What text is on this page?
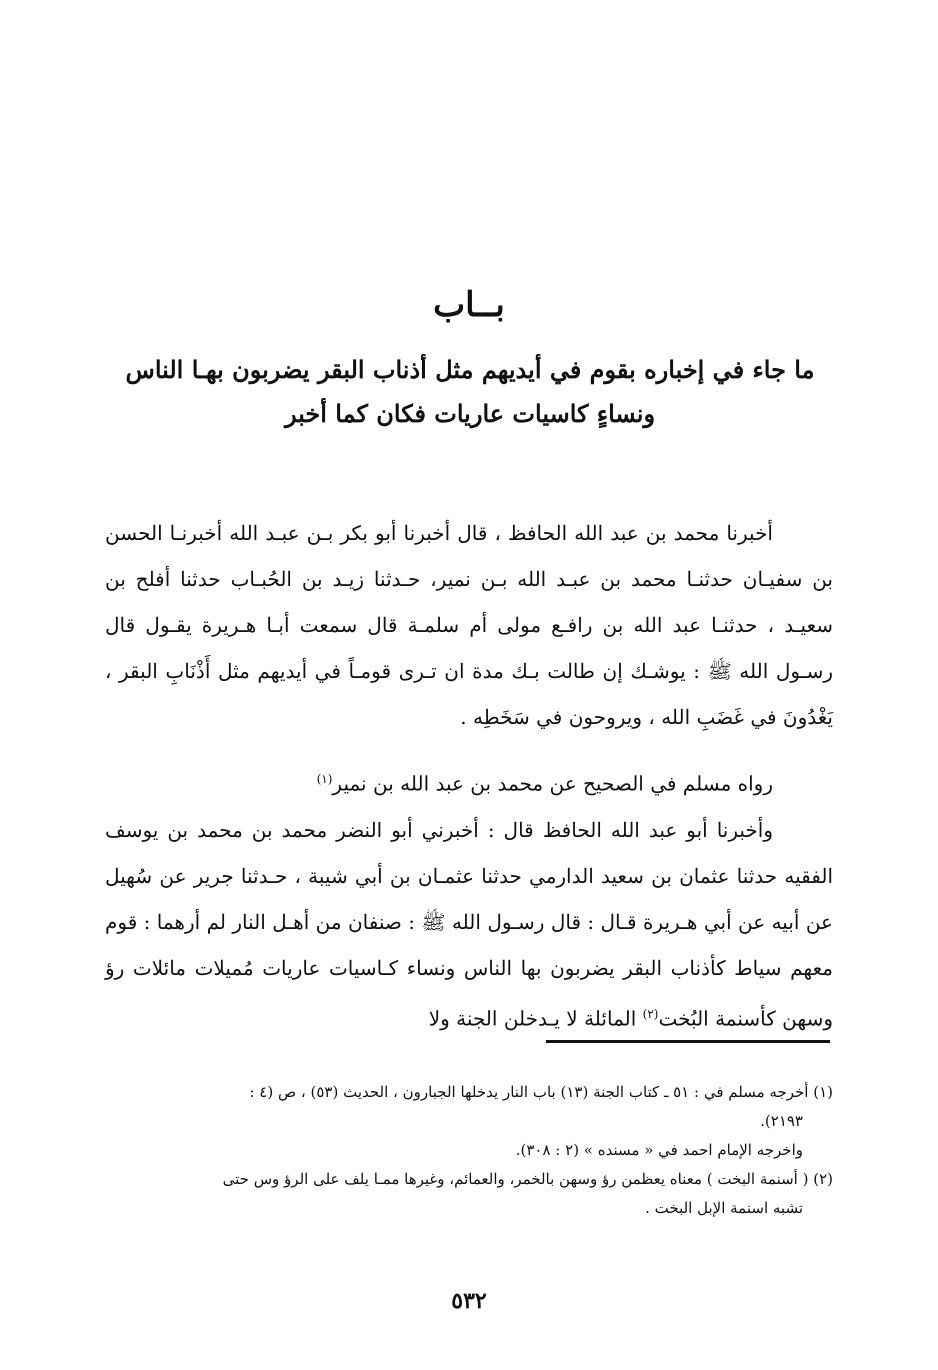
بــاب
ما جاء في إخباره بقوم في أيديهم مثل أذناب البقر يضربون بهـا الناس
ونساءٍ كاسيات عاريات فكان كما أخبر

أخبرنا محمد بن عبد الله الحافظ ، قال أخبرنا أبو بكر بـن عبـد الله أخبرنـا الحسن بن سفيـان حدثنـا محمد بن عبـد الله بـن نمير، حـدثنا زيـد بن الحُبـاب حدثنا أفلح بن سعيـد ، حدثنـا عبد الله بن رافـع مولى أم سلمـة قال سمعت أبـا هـريرة يقـول قال رسـول الله ﷺ : يوشـك إن طالت بـك مدة ان تـرى قومـاً في أيديهم مثل أَذْنَابِ البقر ، يَغْدُونَ في غَضَبِ الله ، ويروحون في سَخَطِه .

رواه مسلم في الصحيح عن محمد بن عبد الله بن نمير$^{(١)}$

وأخبرنا أبو عبد الله الحافظ قال : أخبرني أبو النضر محمد بن محمد بن يوسف الفقيه حدثنا عثمان بن سعيد الدارمي حدثنا عثمـان بن أبي شيبة ، حـدثنا جرير عن سُهيل عن أبيه عن أبي هـريرة قـال : قال رسـول الله ﷺ : صنفان من أهـل النار لم أرهما : قوم معهم سياط كأذناب البقر يضربون بها الناس ونساء كـاسيات عاريات مُميلات مائلات رؤ وسهن كأسنمة البُخت$^{(٢)}$ المائلة لا يـدخلن الجنة ولا

(١) أخرجه مسلم في : ٥١ ـ كتاب الجنة (١٣) باب النار يدخلها الجبارون ، الحديث (٥٣) ، ص (٤ :

٢١٩٣).

واخرجه الإمام احمد في « مسنده » (٢ : ٣٠٨).

(٢) ( أسنمة البخت ) معناه يعظمن رؤ وسهن بالخمر، والعمائم، وغيرها ممـا يلف على الرؤ وس حتى

تشبه اسنمة الإبل البخت .

٥٣٢
